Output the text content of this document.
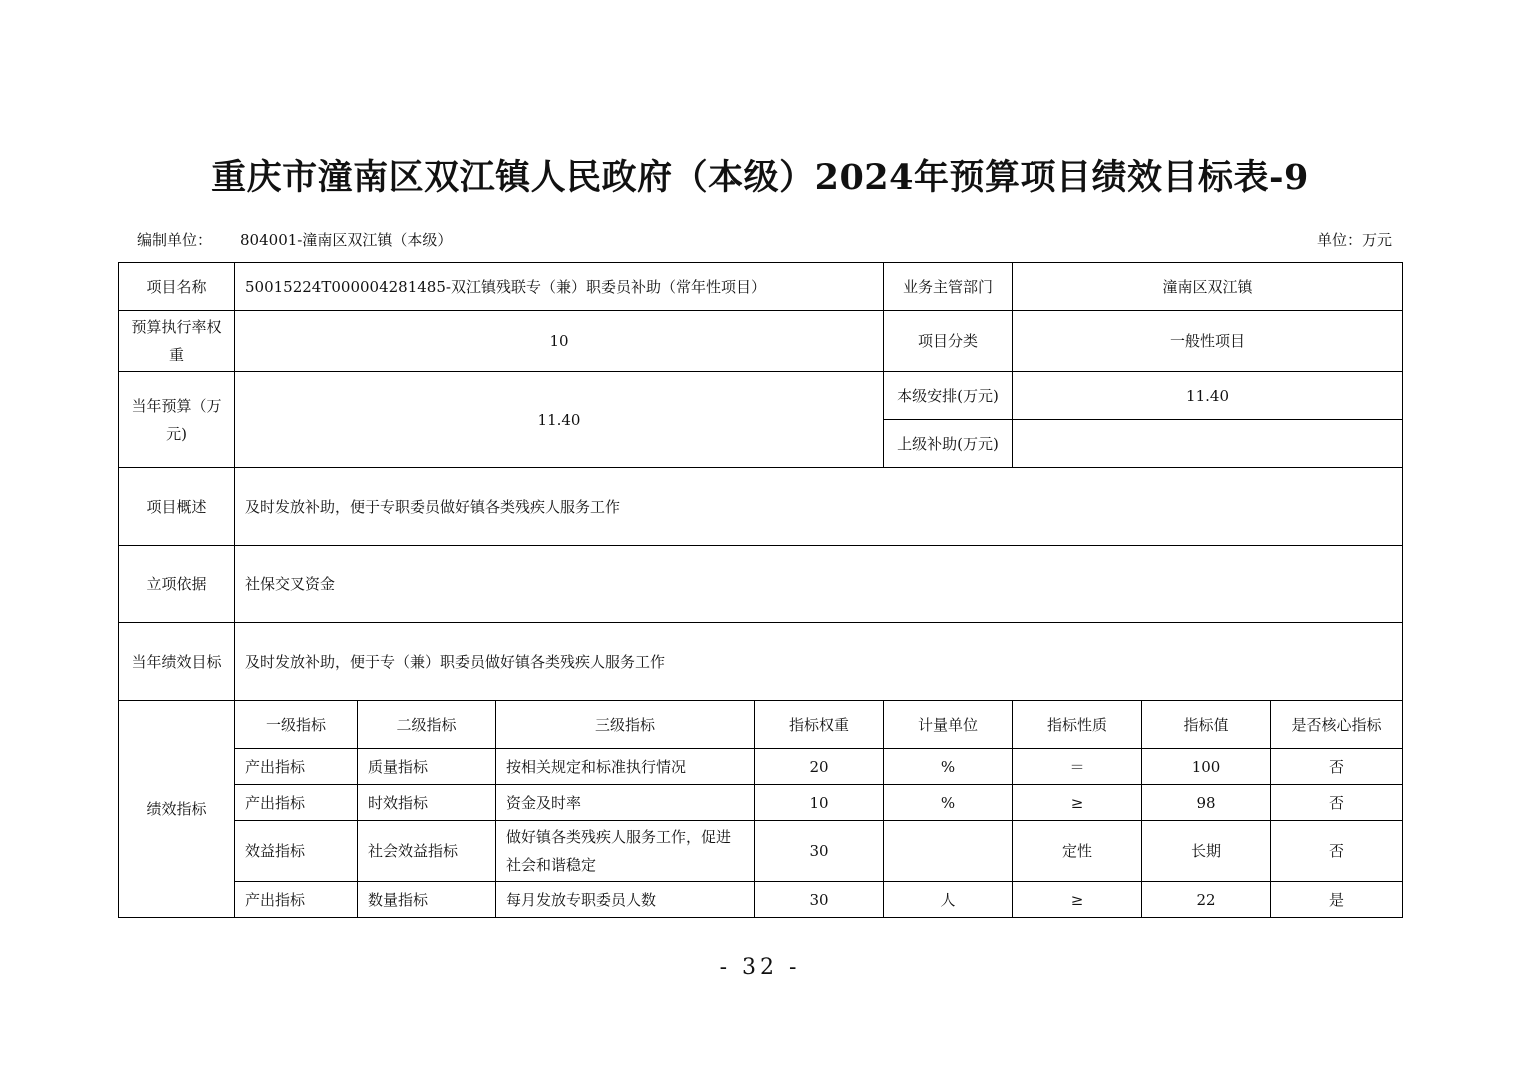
重庆市潼南区双江镇人民政府（本级）2024年预算项目绩效目标表-9
编制单位： 804001-潼南区双江镇（本级）	单位：万元
项目名称	50015224T000004281485-双江镇残联专（兼）职委员补助（常年性项目）				业务主管部门	潼南区双江镇		
预算执行率权重	10				项目分类	一般性项目		
当年预算（万元)	11.40				本级安排(万元)	11.40		
					上级补助(万元)			
项目概述	及时发放补助，便于专职委员做好镇各类残疾人服务工作							
立项依据	社保交叉资金							
当年绩效目标	及时发放补助，便于专（兼）职委员做好镇各类残疾人服务工作							
绩效指标	一级指标	二级指标	三级指标	指标权重	计量单位	指标性质	指标值	是否核心指标
	产出指标	质量指标	按相关规定和标准执行情况	20	%	＝	100	否
	产出指标	时效指标	资金及时率	10	%	≥	98	否
	效益指标	社会效益指标	做好镇各类残疾人服务工作，促进社会和谐稳定	30		定性	长期	否
	产出指标	数量指标	每月发放专职委员人数	30	人	≥	22	是
- 32 -
